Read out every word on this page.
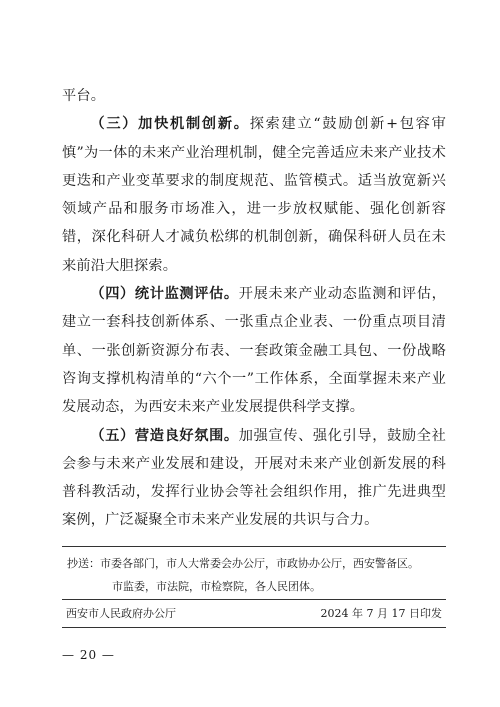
平台。

（三）加快机制创新。探索建立“鼓励创新+包容审慎”为一体的未来产业治理机制，健全完善适应未来产业技术更迭和产业变革要求的制度规范、监管模式。适当放宽新兴领域产品和服务市场准入，进一步放权赋能、强化创新容错，深化科研人才减负松绑的机制创新，确保科研人员在未来前沿大胆探索。

（四）统计监测评估。开展未来产业动态监测和评估，建立一套科技创新体系、一张重点企业表、一份重点项目清单、一张创新资源分布表、一套政策金融工具包、一份战略咨询支撑机构清单的“六个一”工作体系，全面掌握未来产业发展动态，为西安未来产业发展提供科学支撑。

（五）营造良好氛围。加强宣传、强化引导，鼓励全社会参与未来产业发展和建设，开展对未来产业创新发展的科普科教活动，发挥行业协会等社会组织作用，推广先进典型案例，广泛凝聚全市未来产业发展的共识与合力。

抄送：市委各部门，市人大常委会办公厅，市政协办公厅，西安警备区。
市监委，市法院，市检察院，各人民团体。
西安市人民政府办公厅	2024 年 7 月 17 日印发
— 20 —
